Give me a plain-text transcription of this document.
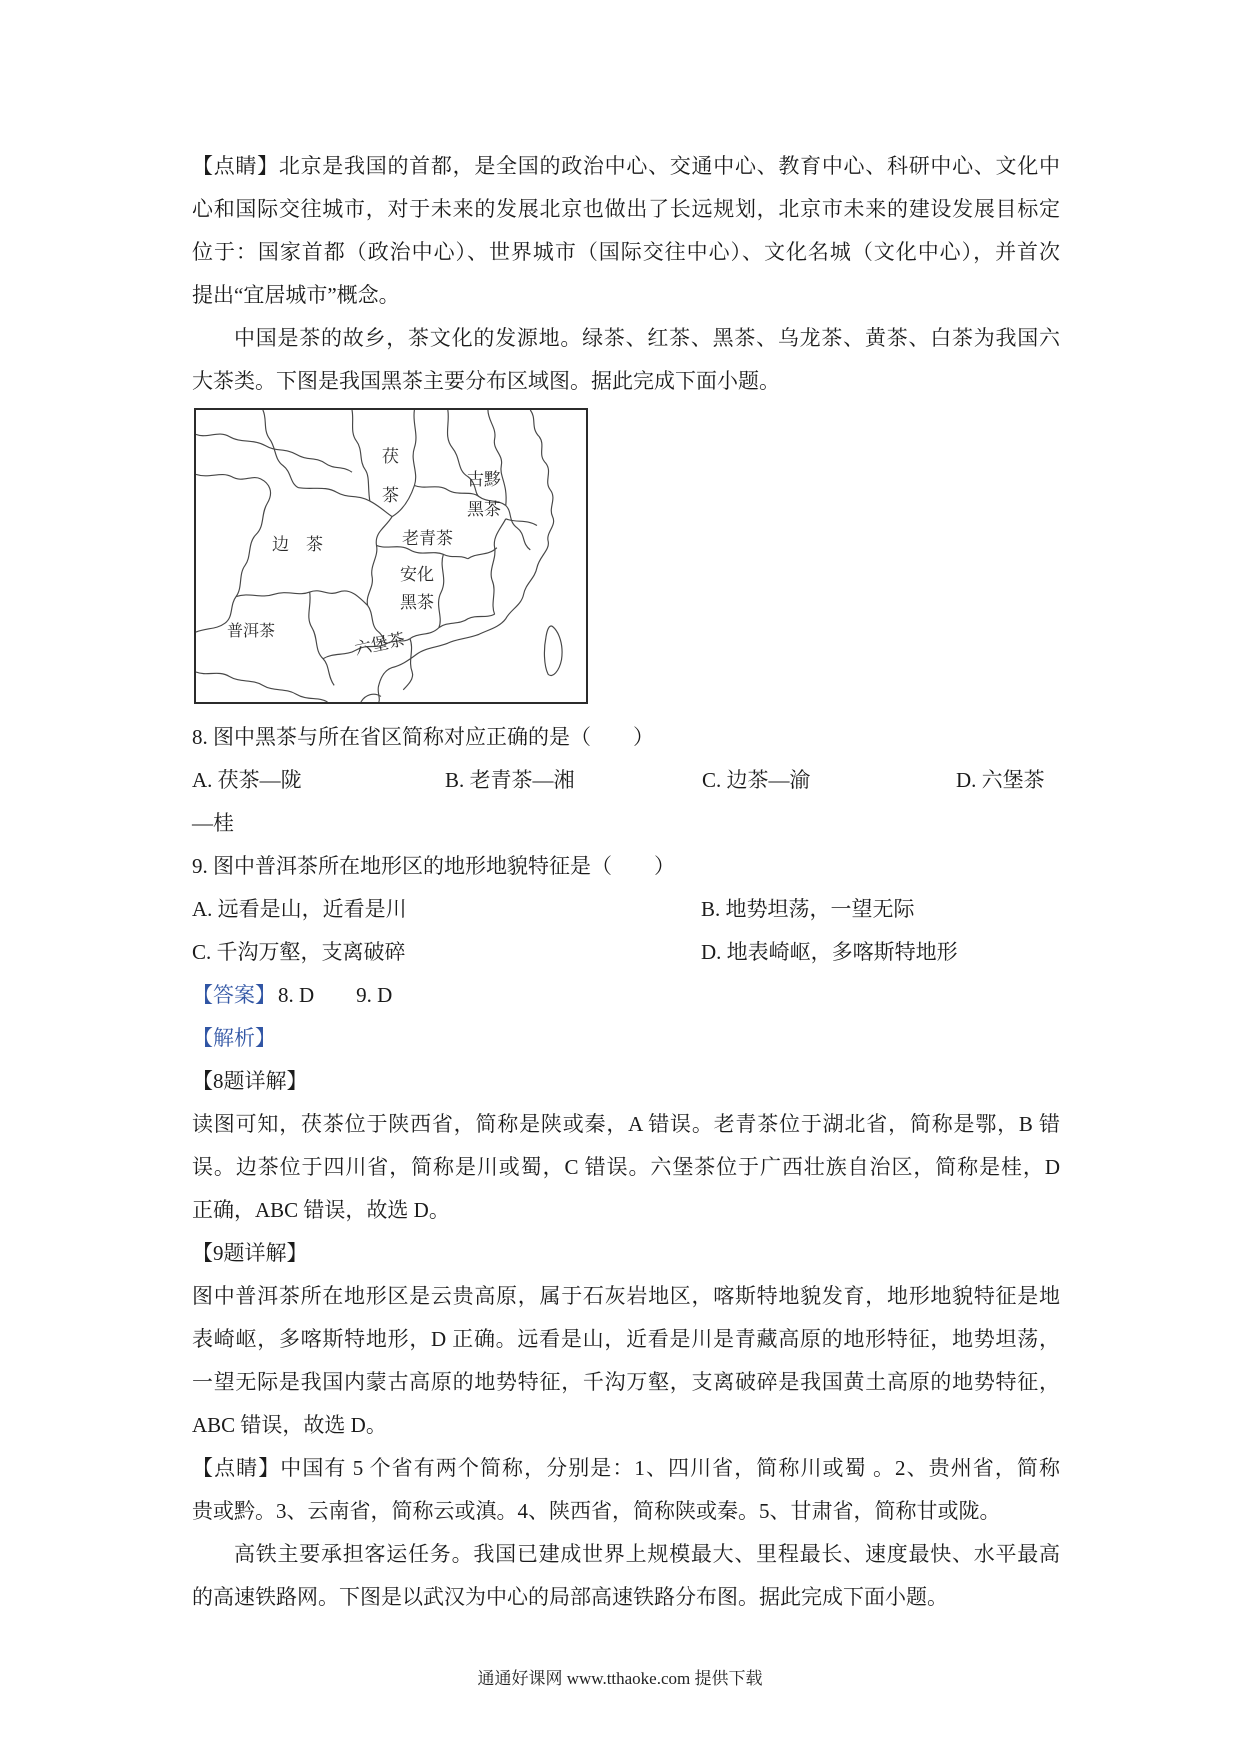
【点睛】北京是我国的首都，是全国的政治中心、交通中心、教育中心、科研中心、文化中
心和国际交往城市，对于未来的发展北京也做出了长远规划，北京市未来的建设发展目标定
位于：国家首都（政治中心）、世界城市（国际交往中心）、文化名城（文化中心），并首次
提出“宜居城市”概念。
中国是茶的故乡，茶文化的发源地。绿茶、红茶、黑茶、乌龙茶、黄茶、白茶为我国六
大茶类。下图是我国黑茶主要分布区域图。据此完成下面小题。
茯茶
古黟黑茶
老青茶
边茶
安化黑茶
普洱茶	六堡茶
8. 图中黑茶与所在省区简称对应正确的是（　　）
A. 茯茶—陇	B. 老青茶—湘	C. 边茶—渝	D. 六堡茶—桂
9. 图中普洱茶所在地形区的地形地貌特征是（　　）
A. 远看是山，近看是川	B. 地势坦荡，一望无际
C. 千沟万壑，支离破碎	D. 地表崎岖，多喀斯特地形
【答案】8. D 9. D
【解析】
【8题详解】
读图可知，茯茶位于陕西省，简称是陕或秦，A 错误。老青茶位于湖北省，简称是鄂，B 错
误。边茶位于四川省，简称是川或蜀，C 错误。六堡茶位于广西壮族自治区，简称是桂，D
正确，ABC 错误，故选 D。
【9题详解】
图中普洱茶所在地形区是云贵高原，属于石灰岩地区，喀斯特地貌发育，地形地貌特征是地
表崎岖，多喀斯特地形，D 正确。远看是山，近看是川是青藏高原的地形特征，地势坦荡，
一望无际是我国内蒙古高原的地势特征，千沟万壑，支离破碎是我国黄土高原的地势特征，
ABC 错误，故选 D。
【点睛】中国有 5 个省有两个简称，分别是：1、四川省，简称川或蜀 。2、贵州省，简称
贵或黔。3、云南省，简称云或滇。4、陕西省，简称陕或秦。5、甘肃省，简称甘或陇。
高铁主要承担客运任务。我国已建成世界上规模最大、里程最长、速度最快、水平最高
的高速铁路网。下图是以武汉为中心的局部高速铁路分布图。据此完成下面小题。
通通好课网 www.tthaoke.com 提供下载
